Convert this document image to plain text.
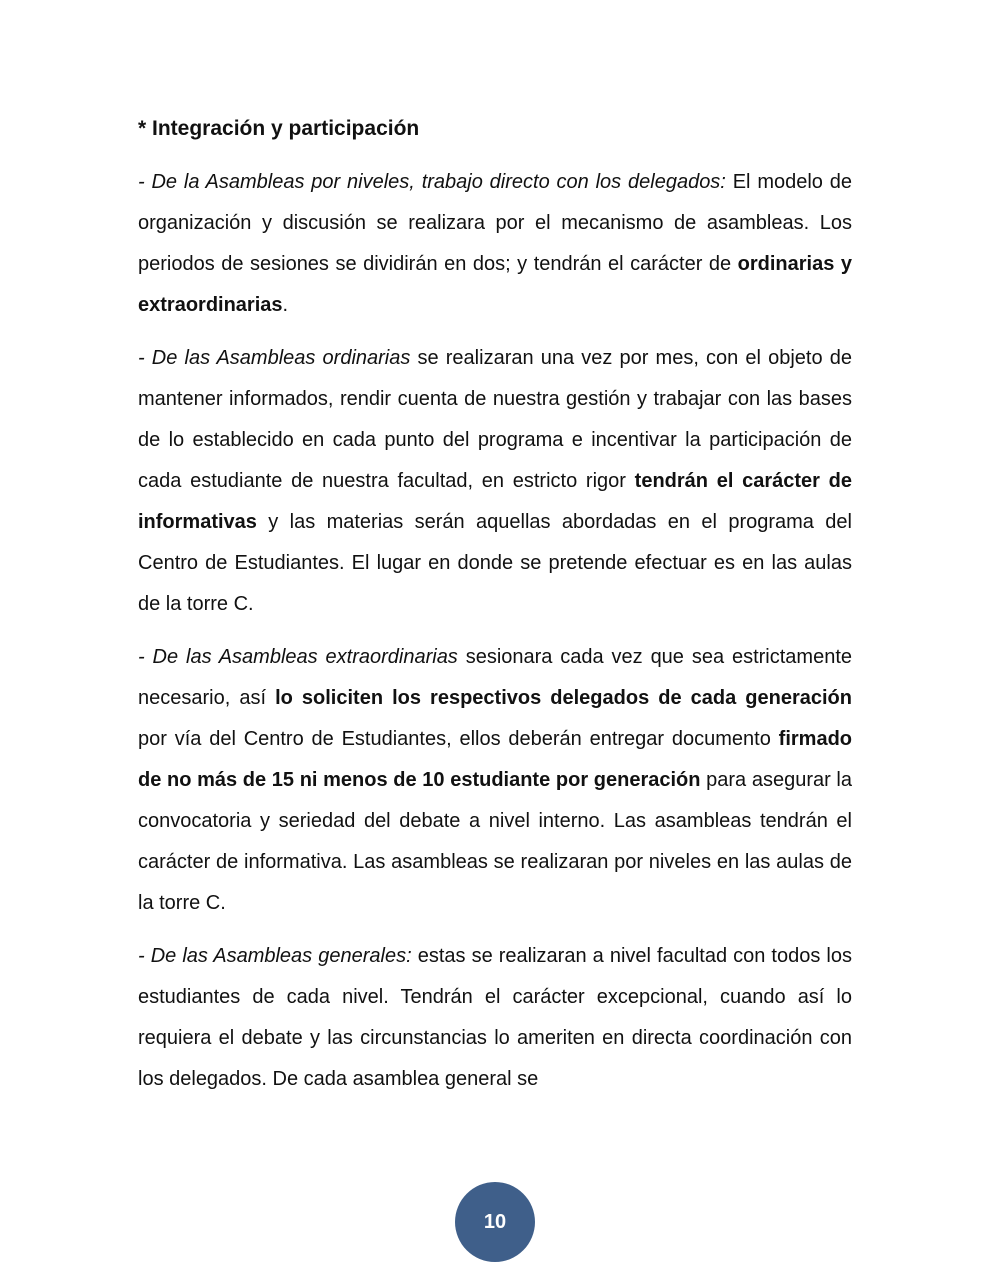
* Integración y participación

- De la Asambleas por niveles, trabajo directo con los delegados: El modelo de organización y discusión se realizara por el mecanismo de asambleas. Los periodos de sesiones se dividirán en dos; y tendrán el carácter de ordinarias y extraordinarias.

- De las Asambleas ordinarias se realizaran una vez por mes, con el objeto de mantener informados, rendir cuenta de nuestra gestión y trabajar con las bases de lo establecido en cada punto del programa e incentivar la participación de cada estudiante de nuestra facultad, en estricto rigor tendrán el carácter de informativas y las materias serán aquellas abordadas en el programa del Centro de Estudiantes. El lugar en donde se pretende efectuar es en las aulas de la torre C.

- De las Asambleas extraordinarias sesionara cada vez que sea estrictamente necesario, así lo soliciten los respectivos delegados de cada generación por vía del Centro de Estudiantes, ellos deberán entregar documento firmado de no más de 15 ni menos de 10 estudiante por generación para asegurar la convocatoria y seriedad del debate a nivel interno. Las asambleas tendrán el carácter de informativa. Las asambleas se realizaran por niveles en las aulas de la torre C.

- De las Asambleas generales: estas se realizaran a nivel facultad con todos los estudiantes de cada nivel. Tendrán el carácter excepcional, cuando así lo requiera el debate y las circunstancias lo ameriten en directa coordinación con los delegados. De cada asamblea general se

10
